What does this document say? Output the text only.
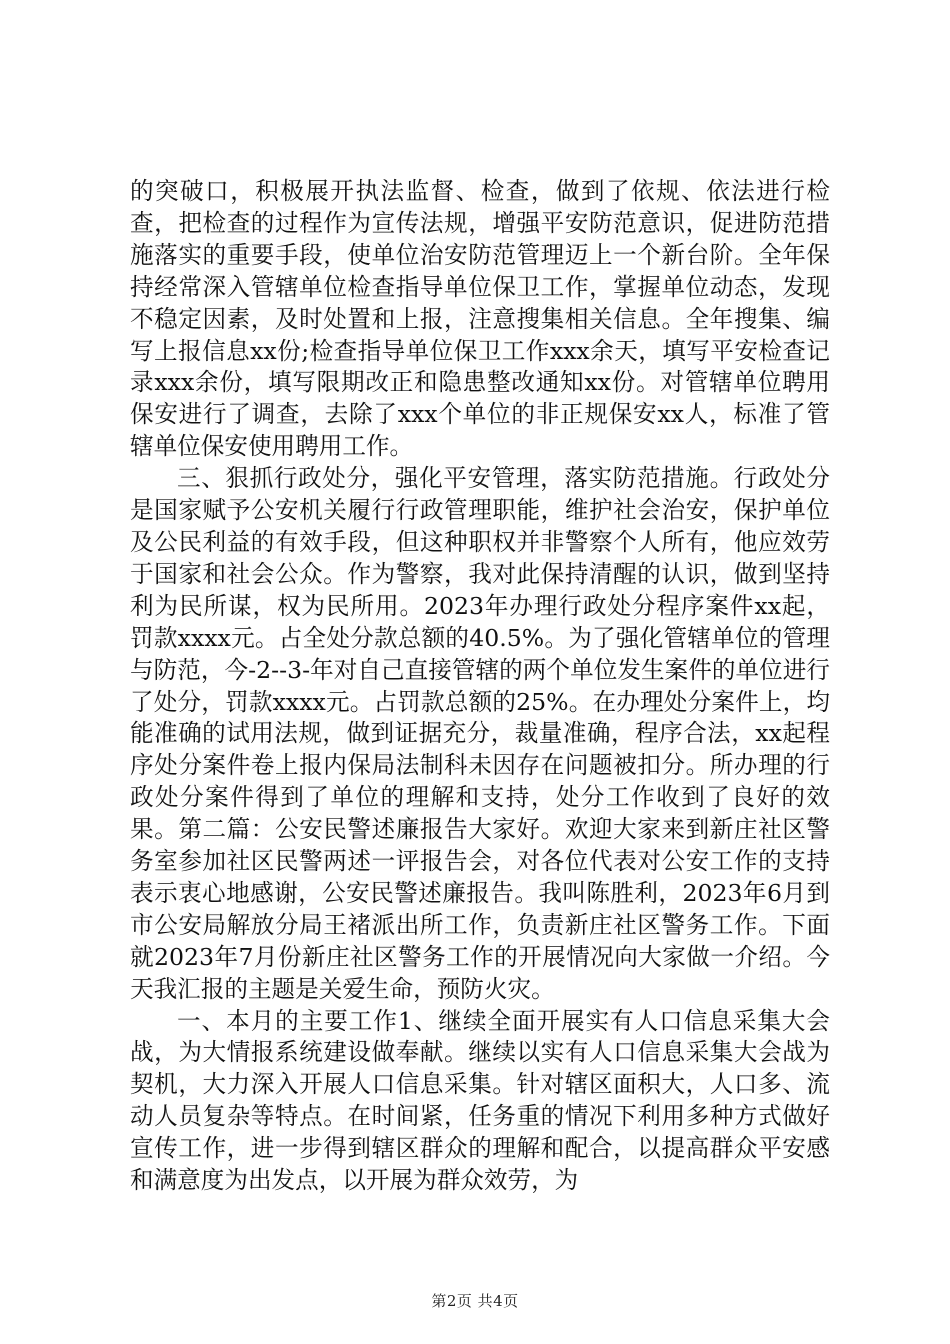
的突破口，积极展开执法监督、检查，做到了依规、依法进行检查，把检查的过程作为宣传法规，增强平安防范意识，促进防范措施落实的重要手段，使单位治安防范管理迈上一个新台阶。全年保持经常深入管辖单位检查指导单位保卫工作，掌握单位动态，发现不稳定因素，及时处置和上报，注意搜集相关信息。全年搜集、编写上报信息xx份;检查指导单位保卫工作xxx余天，填写平安检查记录xxx余份，填写限期改正和隐患整改通知xx份。对管辖单位聘用保安进行了调查，去除了xxx个单位的非正规保安xx人，标准了管辖单位保安使用聘用工作。

三、狠抓行政处分，强化平安管理，落实防范措施。行政处分是国家赋予公安机关履行行政管理职能，维护社会治安，保护单位及公民利益的有效手段，但这种职权并非警察个人所有，他应效劳于国家和社会公众。作为警察，我对此保持清醒的认识，做到坚持利为民所谋，权为民所用。2023年办理行政处分程序案件xx起，罚款xxxx元。占全处分款总额的40.5%。为了强化管辖单位的管理与防范，今-2--3-年对自己直接管辖的两个单位发生案件的单位进行了处分，罚款xxxx元。占罚款总额的25%。在办理处分案件上，均能准确的试用法规，做到证据充分，裁量准确，程序合法，xx起程序处分案件卷上报内保局法制科未因存在问题被扣分。所办理的行政处分案件得到了单位的理解和支持，处分工作收到了良好的效果。第二篇：公安民警述廉报告大家好。欢迎大家来到新庄社区警务室参加社区民警两述一评报告会，对各位代表对公安工作的支持表示衷心地感谢，公安民警述廉报告。我叫陈胜利，2023年6月到市公安局解放分局王褚派出所工作，负责新庄社区警务工作。下面就2023年7月份新庄社区警务工作的开展情况向大家做一介绍。今天我汇报的主题是关爱生命，预防火灾。

一、本月的主要工作1、继续全面开展实有人口信息采集大会战，为大情报系统建设做奉献。继续以实有人口信息采集大会战为契机，大力深入开展人口信息采集。针对辖区面积大，人口多、流动人员复杂等特点。在时间紧，任务重的情况下利用多种方式做好宣传工作，进一步得到辖区群众的理解和配合，以提高群众平安感和满意度为出发点，以开展为群众效劳，为

第2页 共4页
